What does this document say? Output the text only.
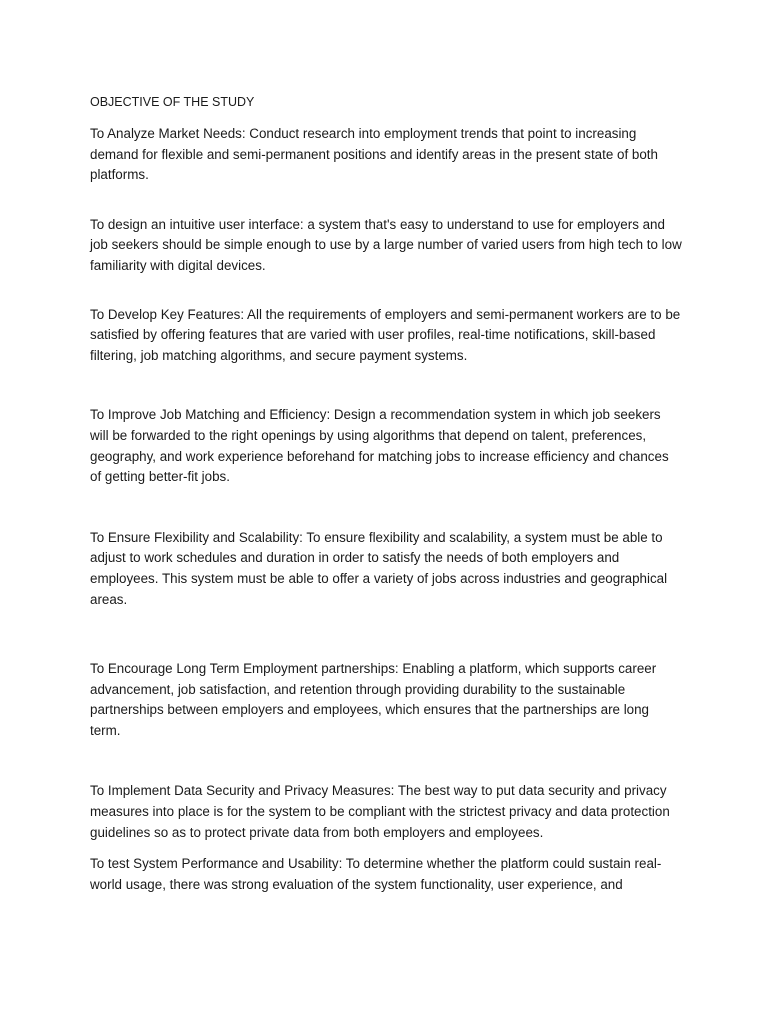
OBJECTIVE OF THE STUDY

To Analyze Market Needs: Conduct research into employment trends that point to increasing demand for flexible and semi-permanent positions and identify areas in the present state of both platforms.

To design an intuitive user interface: a system that's easy to understand to use for employers and job seekers should be simple enough to use by a large number of varied users from high tech to low familiarity with digital devices.

To Develop Key Features: All the requirements of employers and semi-permanent workers are to be satisfied by offering features that are varied with user profiles, real-time notifications, skill-based filtering, job matching algorithms, and secure payment systems.

To Improve Job Matching and Efficiency: Design a recommendation system in which job seekers will be forwarded to the right openings by using algorithms that depend on talent, preferences, geography, and work experience beforehand for matching jobs to increase efficiency and chances of getting better-fit jobs.

To Ensure Flexibility and Scalability: To ensure flexibility and scalability, a system must be able to adjust to work schedules and duration in order to satisfy the needs of both employers and employees. This system must be able to offer a variety of jobs across industries and geographical areas.

To Encourage Long Term Employment partnerships: Enabling a platform, which supports career advancement, job satisfaction, and retention through providing durability to the sustainable partnerships between employers and employees, which ensures that the partnerships are long term.

To Implement Data Security and Privacy Measures: The best way to put data security and privacy measures into place is for the system to be compliant with the strictest privacy and data protection guidelines so as to protect private data from both employers and employees.

To test System Performance and Usability: To determine whether the platform could sustain real-world usage, there was strong evaluation of the system functionality, user experience, and
